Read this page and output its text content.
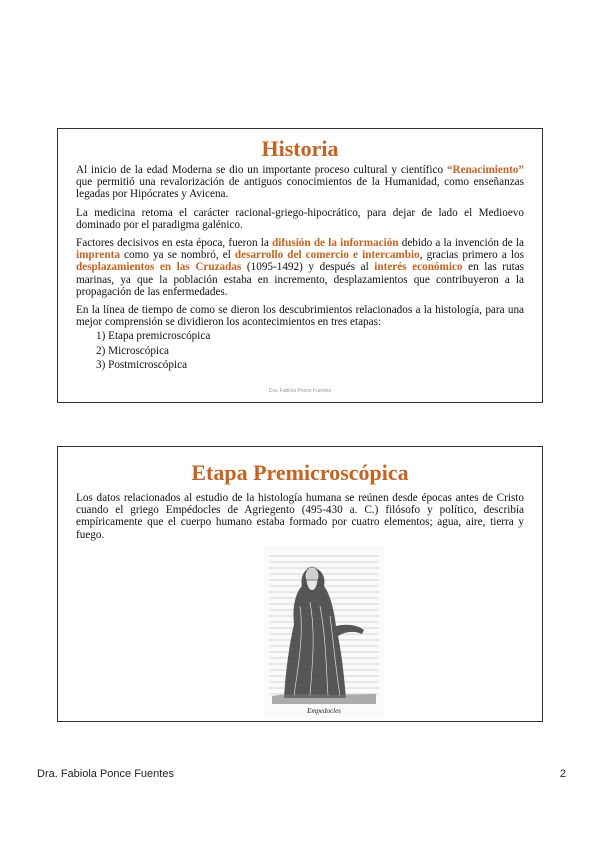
Historia

Al inicio de la edad Moderna se dio un importante proceso cultural y científico “Renacimiento” que permitió una revalorización de antiguos conocimientos de la Humanidad, como enseñanzas legadas por Hipócrates y Avicena.

La medicina retoma el carácter racional-griego-hipocrático, para dejar de lado el Medioevo dominado por el paradigma galénico.

Factores decisivos en esta época, fueron la difusión de la información debido a la invención de la imprenta como ya se nombró, el desarrollo del comercio e intercambio, gracias primero a los desplazamientos en las Cruzadas (1095-1492) y después al interés económico en las rutas marinas, ya que la población estaba en incremento, desplazamientos que contribuyeron a la propagación de las enfermedades.

En la línea de tiempo de como se dieron los descubrimientos relacionados a la histología, para una mejor comprensión se dividieron los acontecimientos en tres etapas:

1) Etapa premicroscópica
2) Microscópica
3) Postmicroscópica
Dra. Fabiola Ponce Fuentes
Etapa Premicroscópica

Los datos relacionados al estudio de la histología humana se reúnen desde épocas antes de Cristo cuando el griego Empédocles de Agriegento (495-430 a. C.) filósofo y político, describía empíricamente que el cuerpo humano estaba formado por cuatro elementos; agua, aire, tierra y fuego.

Empedocles
Dra. Fabiola Ponce Fuentes	2
